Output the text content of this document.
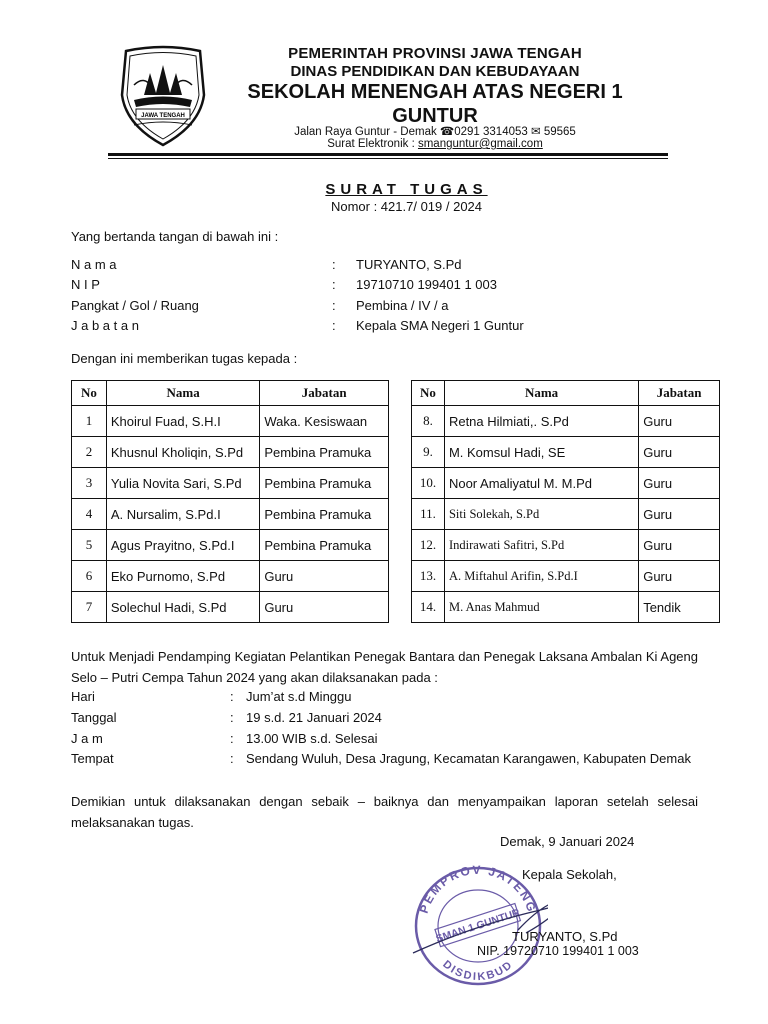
JAWA TENGAH
PEMERINTAH PROVINSI JAWA TENGAH
DINAS PENDIDIKAN DAN KEBUDAYAAN
SEKOLAH MENENGAH ATAS NEGERI 1
GUNTUR
Jalan Raya Guntur - Demak ☎0291 3314053 ✉ 59565
Surat Elektronik : smanguntur@gmail.com
SURAT TUGAS
Nomor : 421.7/ 019 / 2024
Yang bertanda tangan di bawah ini :
N a m a	: TURYANTO, S.Pd
N I P	: 19710710 199401 1 003
Pangkat / Gol / Ruang	: Pembina / IV / a
J a b a t a n	: Kepala SMA Negeri 1 Guntur
Dengan ini memberikan tugas kepada :
No	Nama	Jabatan
1	Khoirul Fuad, S.H.I	Waka. Kesiswaan
2	Khusnul Kholiqin, S.Pd	Pembina Pramuka
3	Yulia Novita Sari, S.Pd	Pembina Pramuka
4	A. Nursalim, S.Pd.I	Pembina Pramuka
5	Agus Prayitno, S.Pd.I	Pembina Pramuka
6	Eko Purnomo, S.Pd	Guru
7	Solechul Hadi, S.Pd	Guru
No	Nama	Jabatan
8.	Retna Hilmiati,. S.Pd	Guru
9.	M. Komsul Hadi, SE	Guru
10.	Noor Amaliyatul M. M.Pd	Guru
11.	Siti Solekah, S.Pd	Guru
12.	Indirawati Safitri, S.Pd	Guru
13.	A. Miftahul Arifin, S.Pd.I	Guru
14.	M. Anas Mahmud	Tendik
Untuk Menjadi Pendamping Kegiatan Pelantikan Penegak Bantara dan Penegak Laksana Ambalan Ki Ageng Selo – Putri Cempa Tahun 2024 yang akan dilaksanakan pada :
Hari	: Jum’at s.d Minggu
Tanggal	: 19 s.d. 21 Januari 2024
J a m	: 13.00 WIB s.d. Selesai
Tempat	: Sendang Wuluh, Desa Jragung, Kecamatan Karangawen, Kabupaten Demak
Demikian untuk dilaksanakan dengan sebaik – baiknya dan menyampaikan laporan setelah selesai melaksanakan tugas.
Demak, 9 Januari 2024
Kepala Sekolah,
PEMPROV JATENG
DISDIKBUD
SMAN 1 GUNTUR
TURYANTO, S.Pd
NIP. 19720710 199401 1 003
